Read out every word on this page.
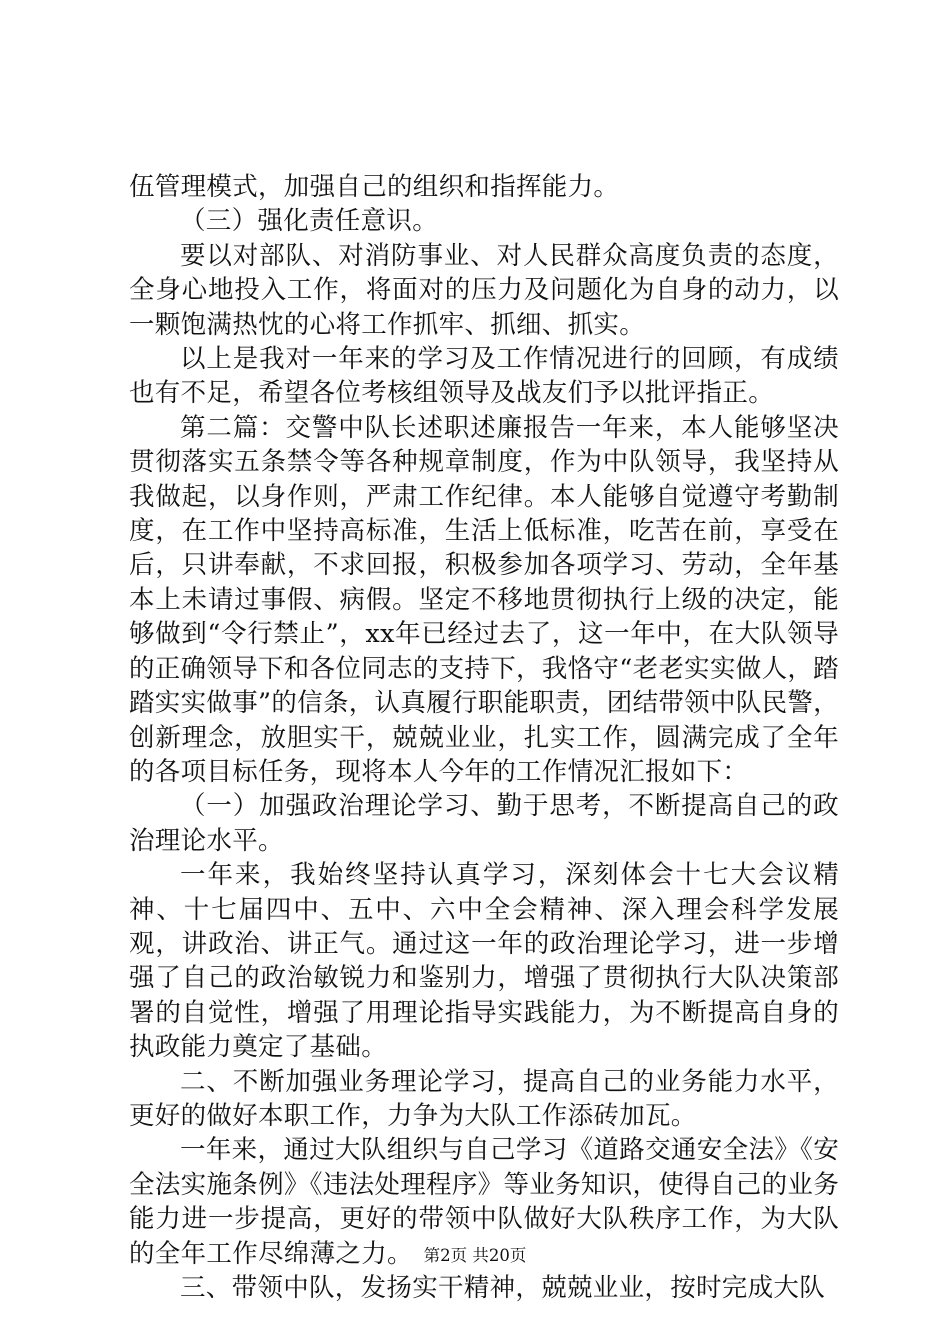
伍管理模式，加强自己的组织和指挥能力。

（三）强化责任意识。

要以对部队、对消防事业、对人民群众高度负责的态度，全身心地投入工作，将面对的压力及问题化为自身的动力，以一颗饱满热忱的心将工作抓牢、抓细、抓实。

以上是我对一年来的学习及工作情况进行的回顾，有成绩也有不足，希望各位考核组领导及战友们予以批评指正。

第二篇：交警中队长述职述廉报告一年来，本人能够坚决贯彻落实五条禁令等各种规章制度，作为中队领导，我坚持从我做起，以身作则，严肃工作纪律。本人能够自觉遵守考勤制度，在工作中坚持高标准，生活上低标准，吃苦在前，享受在后，只讲奉献，不求回报，积极参加各项学习、劳动，全年基本上未请过事假、病假。坚定不移地贯彻执行上级的决定，能够做到“令行禁止”，xx年已经过去了，这一年中，在大队领导的正确领导下和各位同志的支持下，我恪守“老老实实做人，踏踏实实做事”的信条，认真履行职能职责，团结带领中队民警，创新理念，放胆实干，兢兢业业，扎实工作，圆满完成了全年的各项目标任务，现将本人今年的工作情况汇报如下：

（一）加强政治理论学习、勤于思考，不断提高自己的政治理论水平。

一年来，我始终坚持认真学习，深刻体会十七大会议精神、十七届四中、五中、六中全会精神、深入理会科学发展观，讲政治、讲正气。通过这一年的政治理论学习，进一步增强了自己的政治敏锐力和鉴别力，增强了贯彻执行大队决策部署的自觉性，增强了用理论指导实践能力，为不断提高自身的执政能力奠定了基础。

二、不断加强业务理论学习，提高自己的业务能力水平，更好的做好本职工作，力争为大队工作添砖加瓦。

一年来，通过大队组织与自己学习《道路交通安全法》《安全法实施条例》《违法处理程序》等业务知识，使得自己的业务能力进一步提高，更好的带领中队做好大队秩序工作，为大队的全年工作尽绵薄之力。

三、带领中队，发扬实干精神，兢兢业业，按时完成大队

第2页 共20页
